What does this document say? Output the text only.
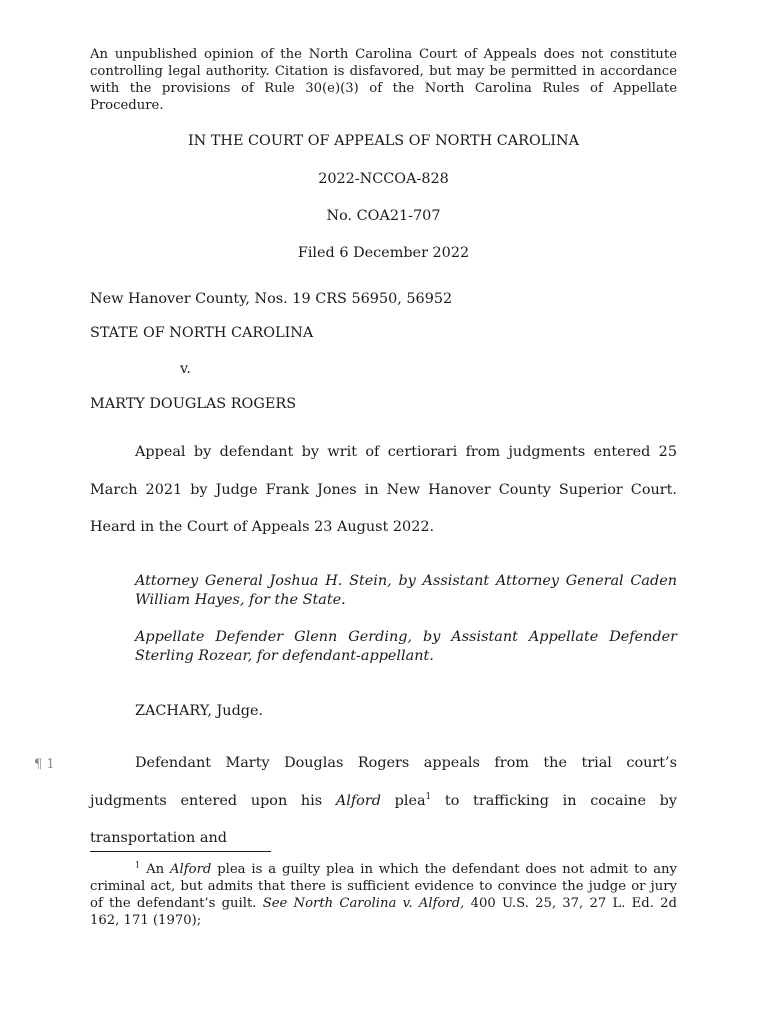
An unpublished opinion of the North Carolina Court of Appeals does not constitute controlling legal authority. Citation is disfavored, but may be permitted in accordance with the provisions of Rule 30(e)(3) of the North Carolina Rules of Appellate Procedure.
IN THE COURT OF APPEALS OF NORTH CAROLINA
2022-NCCOA-828
No. COA21-707
Filed 6 December 2022
New Hanover County, Nos. 19 CRS 56950, 56952
STATE OF NORTH CAROLINA
v.
MARTY DOUGLAS ROGERS
Appeal by defendant by writ of certiorari from judgments entered 25 March 2021 by Judge Frank Jones in New Hanover County Superior Court. Heard in the Court of Appeals 23 August 2022.
Attorney General Joshua H. Stein, by Assistant Attorney General Caden William Hayes, for the State.
Appellate Defender Glenn Gerding, by Assistant Appellate Defender Sterling Rozear, for defendant-appellant.
ZACHARY, Judge.
¶ 1	Defendant Marty Douglas Rogers appeals from the trial court’s judgments entered upon his Alford plea$^1$ to trafficking in cocaine by transportation and
$^1$ An Alford plea is a guilty plea in which the defendant does not admit to any criminal act, but admits that there is sufficient evidence to convince the judge or jury of the defendant’s guilt. See North Carolina v. Alford, 400 U.S. 25, 37, 27 L. Ed. 2d 162, 171 (1970);
